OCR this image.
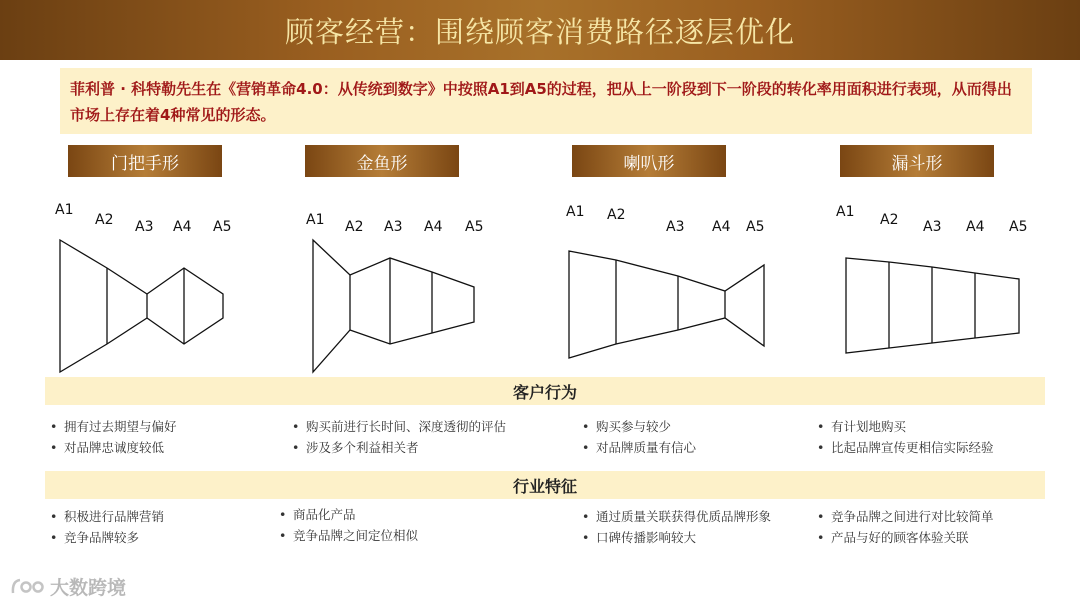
顾客经营：围绕顾客消费路径逐层优化
菲利普 · 科特勒先生在《营销革命4.0：从传统到数字》中按照A1到A5的过程，把从上一阶段到下一阶段的转化率用面积进行表现，从而得出市场上存在着4种常见的形态。
门把手形	金鱼形	喇叭形	漏斗形
A1
A2 A3 A4 A5	A1 A2 A3 A4 A5
A1 A2
A3 A4 A5
A1 A2 A3 A4 A5
客户行为
• 拥有过去期望与偏好
• 对品牌忠诚度较低
• 购买前进行长时间、深度透彻的评估
• 涉及多个利益相关者
• 购买参与较少
• 对品牌质量有信心
• 有计划地购买
• 比起品牌宣传更相信实际经验
行业特征
• 积极进行品牌营销
• 竞争品牌较多
• 商品化产品
• 竞争品牌之间定位相似
• 通过质量关联获得优质品牌形象
• 口碑传播影响较大
• 竞争品牌之间进行对比较简单
• 产品与好的顾客体验关联
大数跨境
